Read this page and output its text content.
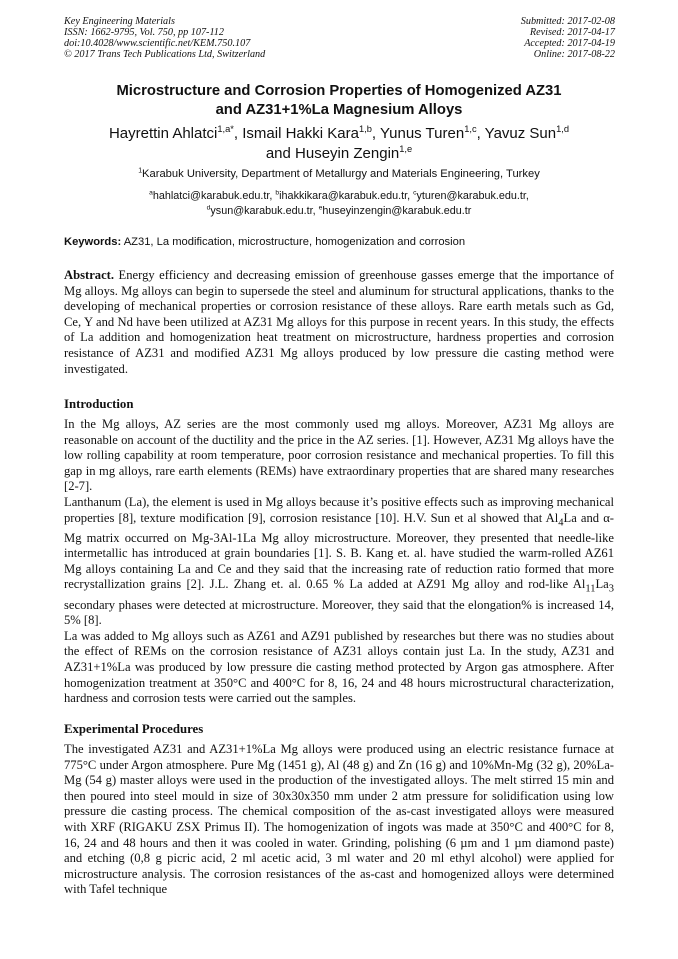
Key Engineering Materials
ISSN: 1662-9795, Vol. 750, pp 107-112
doi:10.4028/www.scientific.net/KEM.750.107
© 2017 Trans Tech Publications Ltd, Switzerland
Submitted: 2017-02-08
Revised: 2017-04-17
Accepted: 2017-04-19
Online: 2017-08-22
Microstructure and Corrosion Properties of Homogenized AZ31
and AZ31+1%La Magnesium Alloys
Hayrettin Ahlatci$^{1,a*}$, Ismail Hakki Kara$^{1,b}$, Yunus Turen$^{1,c}$, Yavuz Sun$^{1,d}$
and Huseyin Zengin$^{1,e}$
$^1$Karabuk University, Department of Metallurgy and Materials Engineering, Turkey
$^a$hahlatci@karabuk.edu.tr, $^b$ihakkikara@karabuk.edu.tr, $^c$yturen@karabuk.edu.tr,
$^d$ysun@karabuk.edu.tr, $^e$huseyinzengin@karabuk.edu.tr
Keywords: AZ31, La modification, microstructure, homogenization and corrosion

Abstract. Energy efficiency and decreasing emission of greenhouse gasses emerge that the importance of Mg alloys. Mg alloys can begin to supersede the steel and aluminum for structural applications, thanks to the developing of mechanical properties or corrosion resistance of these alloys. Rare earth metals such as Gd, Ce, Y and Nd have been utilized at AZ31 Mg alloys for this purpose in recent years. In this study, the effects of La addition and homogenization heat treatment on microstructure, hardness properties and corrosion resistance of AZ31 and modified AZ31 Mg alloys produced by low pressure die casting method were investigated.

Introduction

In the Mg alloys, AZ series are the most commonly used mg alloys. Moreover, AZ31 Mg alloys are reasonable on account of the ductility and the price in the AZ series. [1]. However, AZ31 Mg alloys have the low rolling capability at room temperature, poor corrosion resistance and mechanical properties. To fill this gap in mg alloys, rare earth elements (REMs) have extraordinary properties that are shared many researches [2-7].

Lanthanum (La), the element is used in Mg alloys because it’s positive effects such as improving mechanical properties [8], texture modification [9], corrosion resistance [10]. H.V. Sun et al showed that $Al_4La$ and α-Mg matrix occurred on Mg-3Al-1La Mg alloy microstructure. Moreover, they presented that needle-like intermetallic has introduced at grain boundaries [1]. S. B. Kang et. al. have studied the warm-rolled AZ61 Mg alloys containing La and Ce and they said that the increasing rate of reduction ratio formed that more recrystallization grains [2]. J.L. Zhang et. al. 0.65 % La added at AZ91 Mg alloy and rod-like $Al_{11}La_3$ secondary phases were detected at microstructure. Moreover, they said that the elongation% is increased 14, 5% [8].

La was added to Mg alloys such as AZ61 and AZ91 published by researches but there was no studies about the effect of REMs on the corrosion resistance of AZ31 alloys contain just La. In the study, AZ31 and AZ31+1%La was produced by low pressure die casting method protected by Argon gas atmosphere. After homogenization treatment at 350°C and 400°C for 8, 16, 24 and 48 hours microstructural characterization, hardness and corrosion tests were carried out the samples.

Experimental Procedures

The investigated AZ31 and AZ31+1%La Mg alloys were produced using an electric resistance furnace at 775°C under Argon atmosphere. Pure Mg (1451 g), Al (48 g) and Zn (16 g) and 10%Mn-Mg (32 g), 20%La-Mg (54 g) master alloys were used in the production of the investigated alloys. The melt stirred 15 min and then poured into steel mould in size of 30x30x350 mm under 2 atm pressure for solidification using low pressure die casting process. The chemical composition of the as-cast investigated alloys were measured with XRF (RIGAKU ZSX Primus II). The homogenization of ingots was made at 350°C and 400°C for 8, 16, 24 and 48 hours and then it was cooled in water. Grinding, polishing (6 µm and 1 µm diamond paste) and etching (0,8 g picric acid, 2 ml acetic acid, 3 ml water and 20 ml ethyl alcohol) were applied for microstructure analysis. The corrosion resistances of the as-cast and homogenized alloys were determined with Tafel technique
